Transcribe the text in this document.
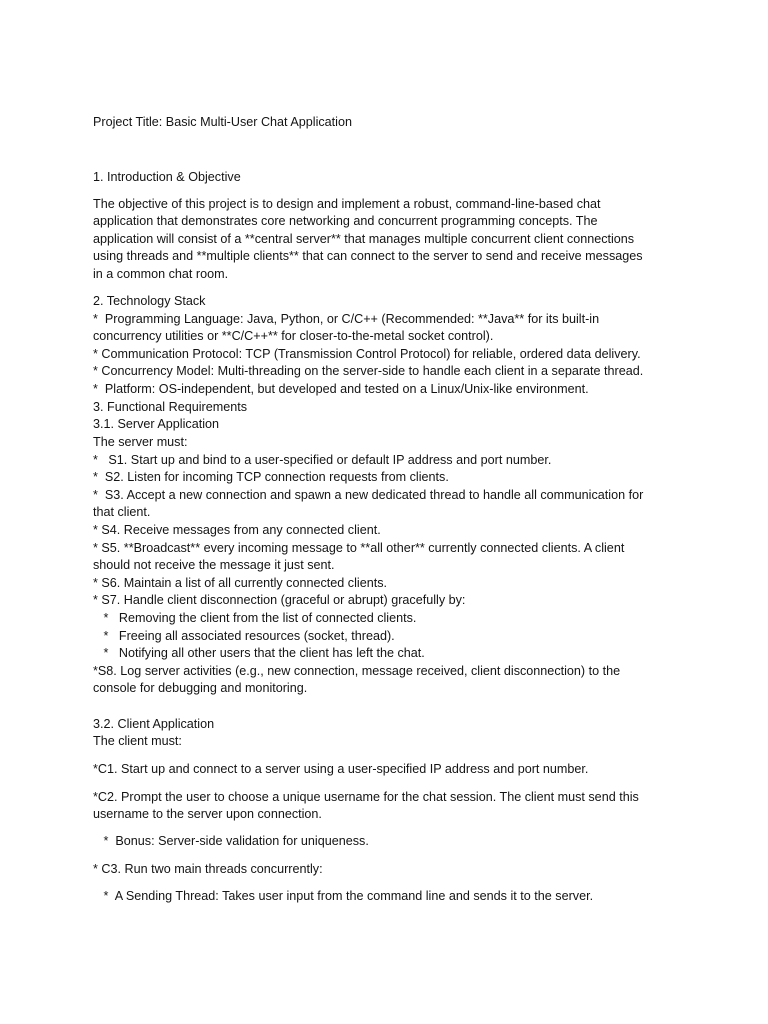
Project Title: Basic Multi-User Chat Application

1. Introduction & Objective

The objective of this project is to design and implement a robust, command-line-based chat

application that demonstrates core networking and concurrent programming concepts. The

application will consist of a **central server** that manages multiple concurrent client connections

using threads and **multiple clients** that can connect to the server to send and receive messages

in a common chat room.

2. Technology Stack

*  Programming Language: Java, Python, or C/C++ (Recommended: **Java** for its built-in

concurrency utilities or **C/C++** for closer-to-the-metal socket control).

* Communication Protocol: TCP (Transmission Control Protocol) for reliable, ordered data delivery.

* Concurrency Model: Multi-threading on the server-side to handle each client in a separate thread.

*  Platform: OS-independent, but developed and tested on a Linux/Unix-like environment.

3. Functional Requirements

3.1. Server Application

The server must:

*   S1. Start up and bind to a user-specified or default IP address and port number.

*  S2. Listen for incoming TCP connection requests from clients.

*  S3. Accept a new connection and spawn a new dedicated thread to handle all communication for

that client.

* S4. Receive messages from any connected client.

* S5. **Broadcast** every incoming message to **all other** currently connected clients. A client

should not receive the message it just sent.

* S6. Maintain a list of all currently connected clients.

* S7. Handle client disconnection (graceful or abrupt) gracefully by:

*   Removing the client from the list of connected clients.

*   Freeing all associated resources (socket, thread).

*   Notifying all other users that the client has left the chat.

*S8. Log server activities (e.g., new connection, message received, client disconnection) to the

console for debugging and monitoring.

3.2. Client Application

The client must:

*C1. Start up and connect to a server using a user-specified IP address and port number.

*C2. Prompt the user to choose a unique username for the chat session. The client must send this

username to the server upon connection.

*  Bonus: Server-side validation for uniqueness.

* C3. Run two main threads concurrently:

*  A Sending Thread: Takes user input from the command line and sends it to the server.
